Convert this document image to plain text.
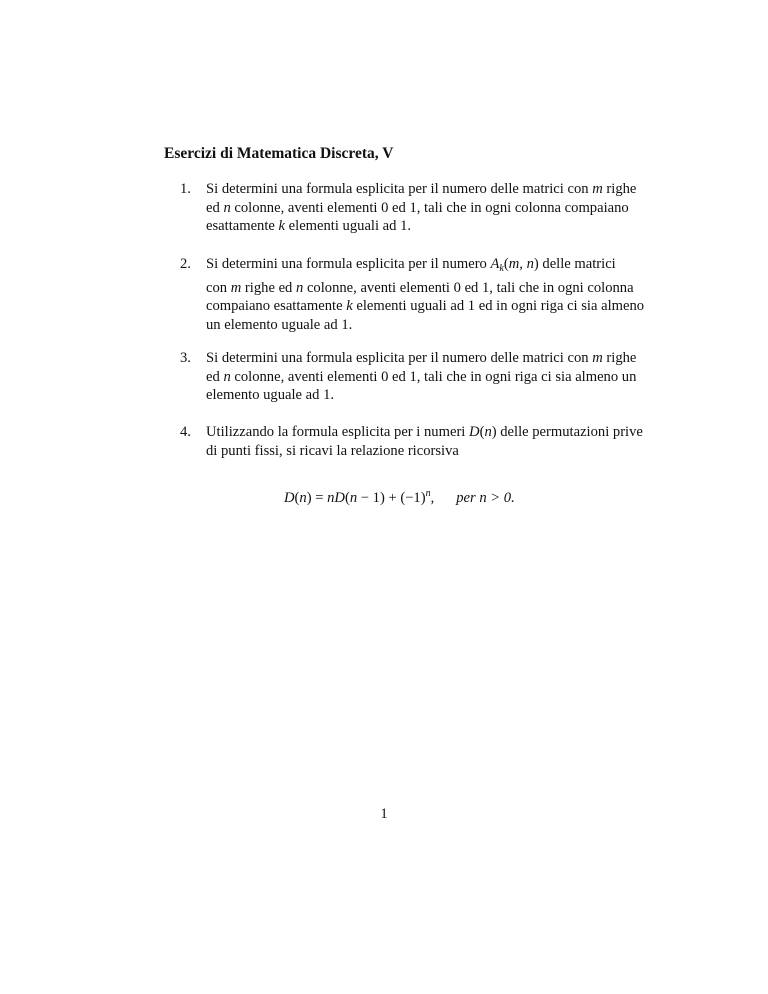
Esercizi di Matematica Discreta, V
1.	Si determini una formula esplicita per il numero delle matrici con m righe
ed n colonne, aventi elementi 0 ed 1, tali che in ogni colonna compaiano
esattamente k elementi uguali ad 1.
2.	Si determini una formula esplicita per il numero $A_k(m$, n) delle matrici
con m righe ed n colonne, aventi elementi 0 ed 1, tali che in ogni colonna
compaiano esattamente k elementi uguali ad 1 ed in ogni riga ci sia almeno
un elemento uguale ad 1.
3.	Si determini una formula esplicita per il numero delle matrici con m righe
ed n colonne, aventi elementi 0 ed 1, tali che in ogni riga ci sia almeno un
elemento uguale ad 1.
4.	Utilizzando la formula esplicita per i numeri D(n) delle permutazioni prive
di punti fissi, si ricavi la relazione ricorsiva
$D(n) = nD(n - 1) + (-1)^n$, per n > 0.
1
